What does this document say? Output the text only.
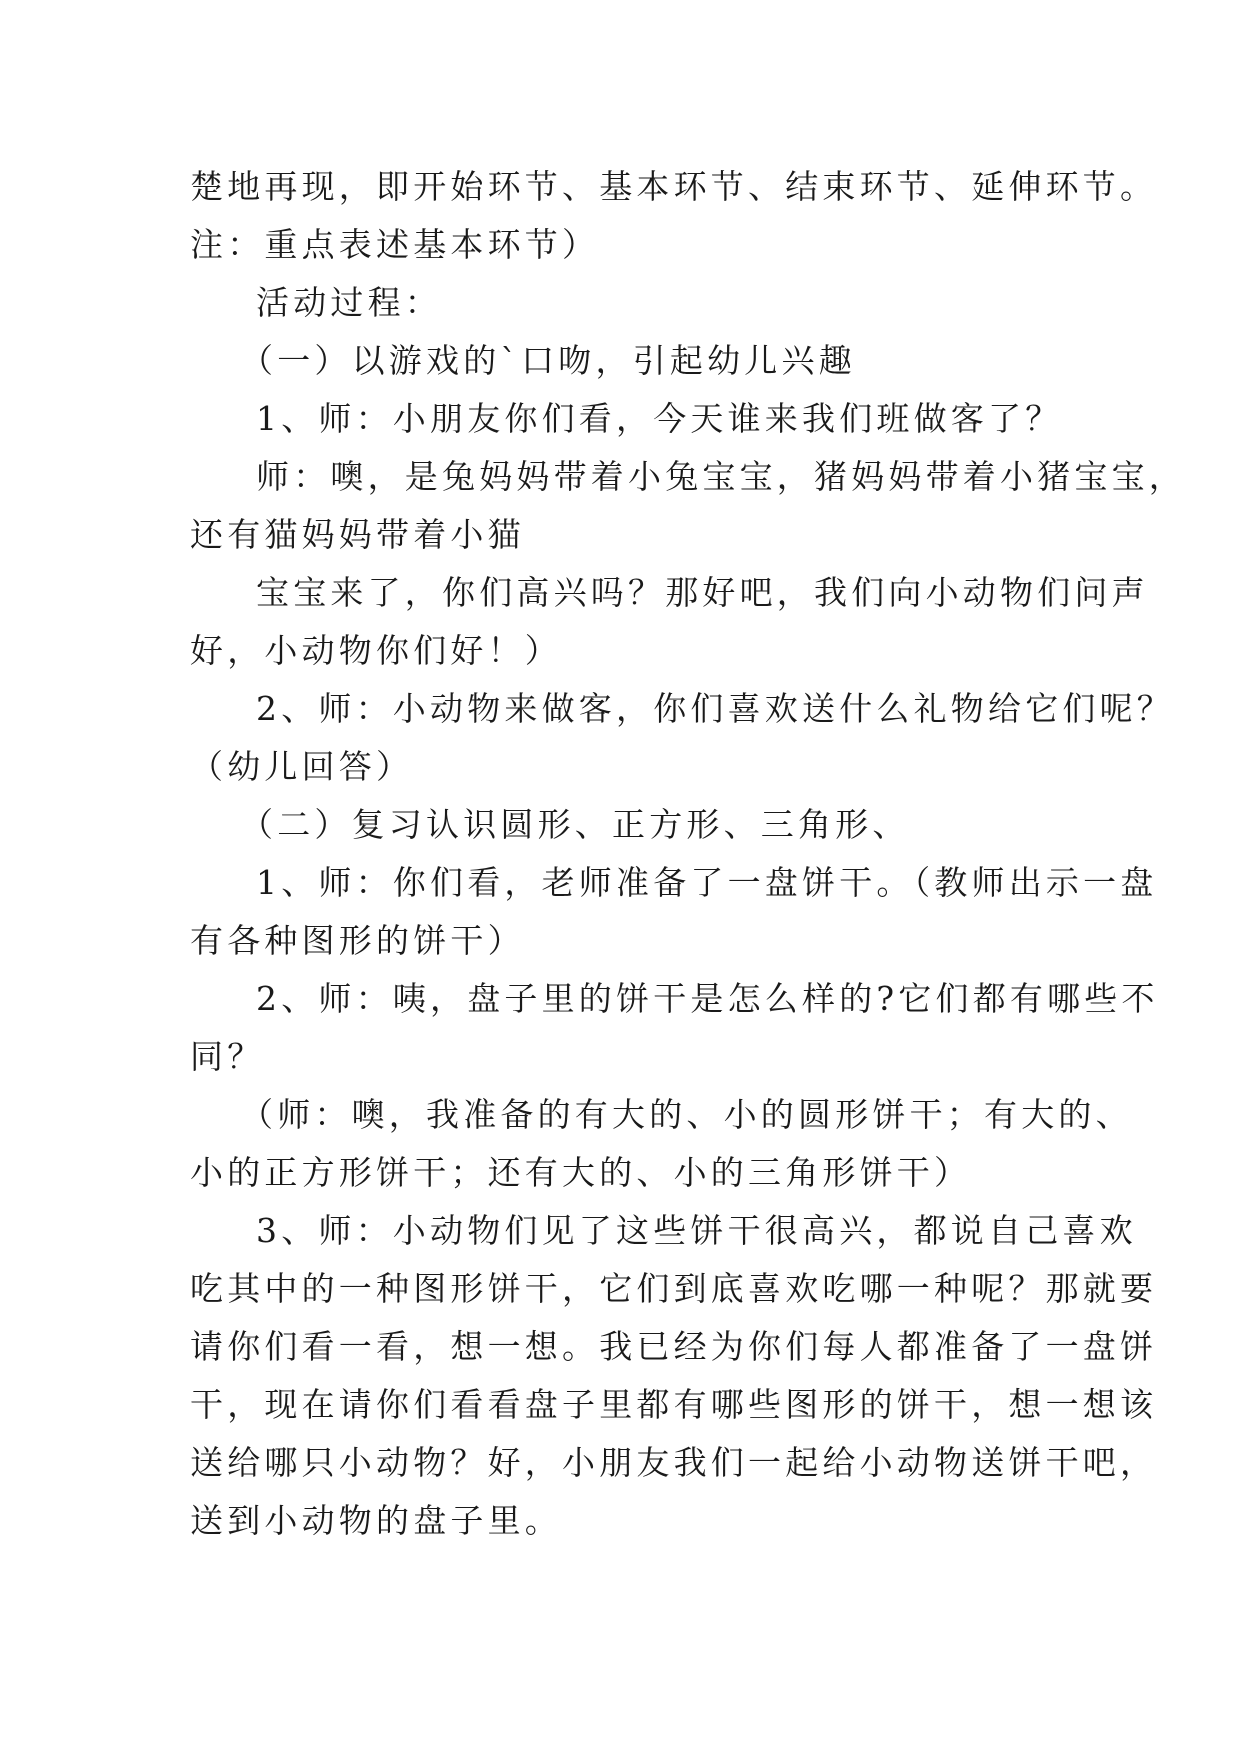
楚地再现，即开始环节、基本环节、结束环节、延伸环节。
注：重点表述基本环节）
活动过程：
（一）以游戏的`口吻，引起幼儿兴趣
1、师：小朋友你们看，今天谁来我们班做客了？
师：噢，是兔妈妈带着小兔宝宝，猪妈妈带着小猪宝宝，
还有猫妈妈带着小猫
宝宝来了，你们高兴吗？那好吧，我们向小动物们问声
好，小动物你们好！）
2、师：小动物来做客，你们喜欢送什么礼物给它们呢？
（幼儿回答）
（二）复习认识圆形、正方形、三角形、
1、师：你们看，老师准备了一盘饼干。（教师出示一盘
有各种图形的饼干）
2、师：咦，盘子里的饼干是怎么样的?它们都有哪些不
同？
（师：噢，我准备的有大的、小的圆形饼干；有大的、
小的正方形饼干；还有大的、小的三角形饼干）
3、师：小动物们见了这些饼干很高兴，都说自己喜欢
吃其中的一种图形饼干，它们到底喜欢吃哪一种呢？那就要
请你们看一看，想一想。我已经为你们每人都准备了一盘饼
干，现在请你们看看盘子里都有哪些图形的饼干，想一想该
送给哪只小动物？好，小朋友我们一起给小动物送饼干吧，
送到小动物的盘子里。
